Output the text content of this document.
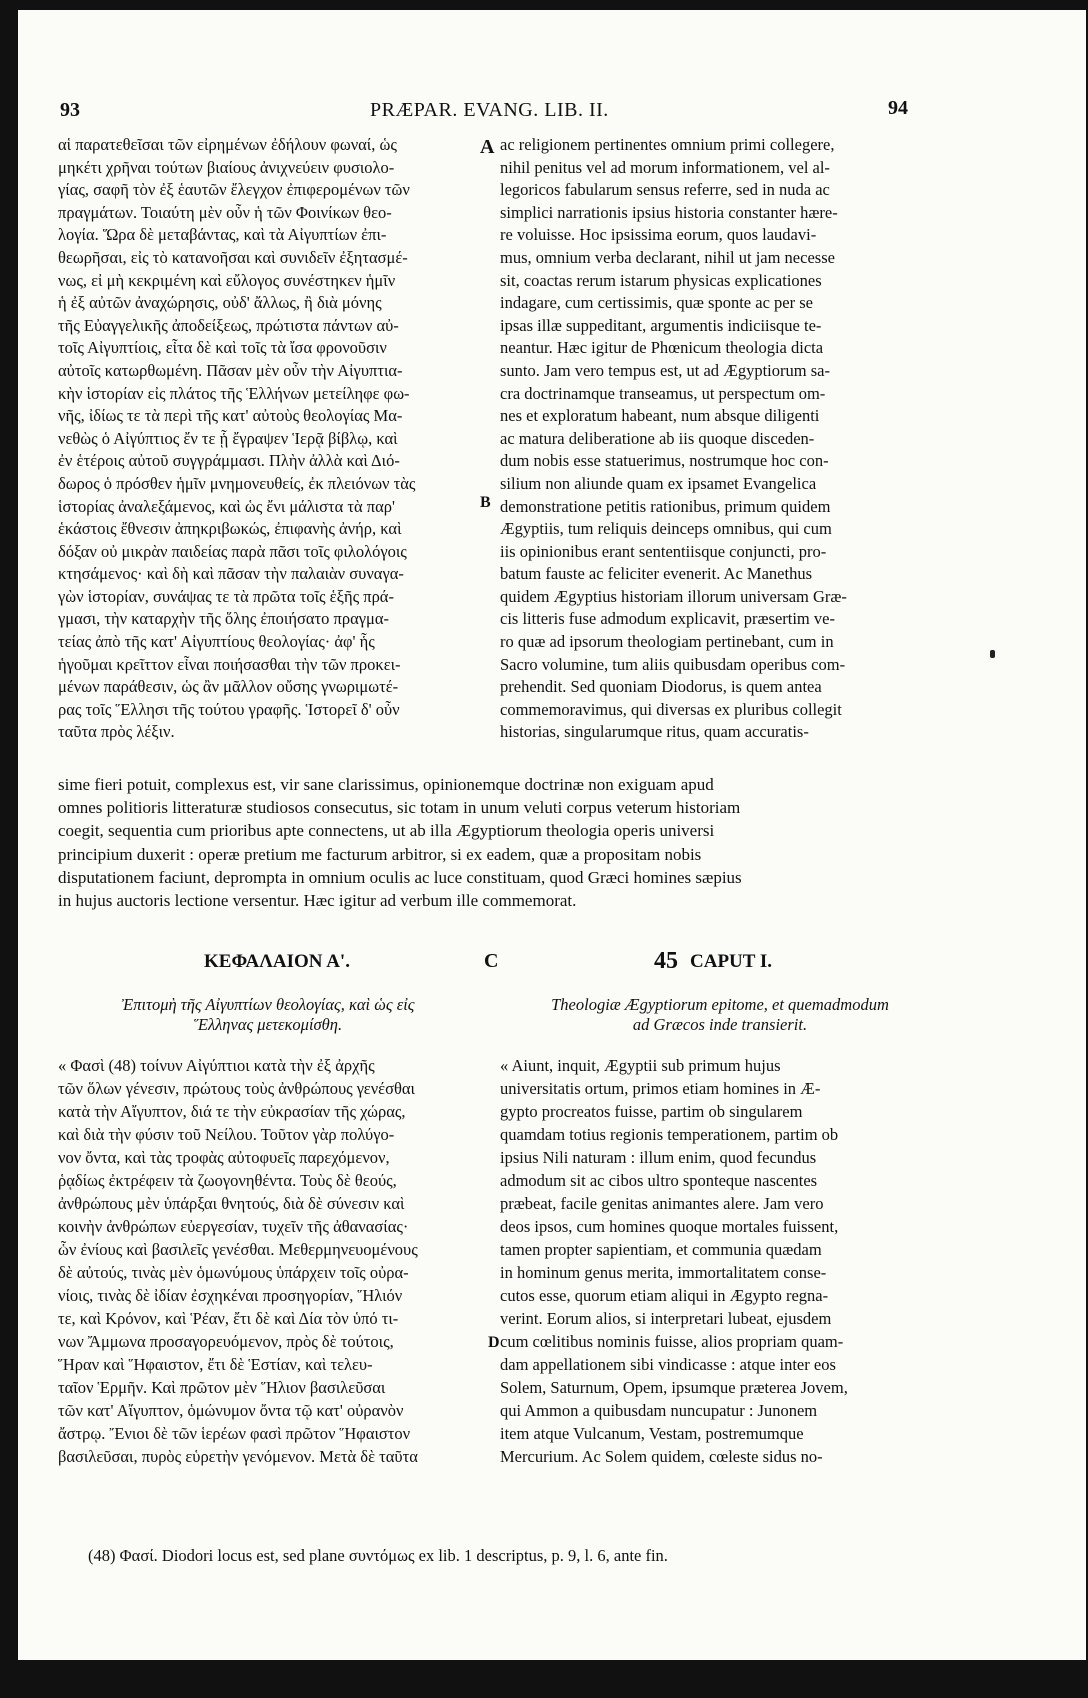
93	PRÆPAR. EVANG. LIB. II.	94
A
B
C
D
αἱ παρατεθεῖσαι τῶν εἰρημένων ἐδήλουν φωναί, ὡς
μηκέτι χρῆναι τούτων βιαίους ἀνιχνεύειν φυσιολο-
γίας, σαφῆ τὸν ἐξ ἑαυτῶν ἔλεγχον ἐπιφερομένων τῶν
πραγμάτων. Τοιαύτη μὲν οὖν ἡ τῶν Φοινίκων θεο-
λογία. Ὥρα δὲ μεταβάντας, καὶ τὰ Αἰγυπτίων ἐπι-
θεωρῆσαι, εἰς τὸ κατανοῆσαι καὶ συνιδεῖν ἐξητασμέ-
νως, εἰ μὴ κεκριμένη καὶ εὔλογος συνέστηκεν ἡμῖν
ἡ ἐξ αὐτῶν ἀναχώρησις, οὐδ' ἄλλως, ἢ διὰ μόνης
τῆς Εὐαγγελικῆς ἀποδείξεως, πρώτιστα πάντων αὐ-
τοῖς Αἰγυπτίοις, εἶτα δὲ καὶ τοῖς τὰ ἴσα φρονοῦσιν
αὐτοῖς κατωρθωμένη. Πᾶσαν μὲν οὖν τὴν Αἰγυπτια-
κὴν ἱστορίαν εἰς πλάτος τῆς Ἑλλήνων μετείληφε φω-
νῆς, ἰδίως τε τὰ περὶ τῆς κατ' αὐτοὺς θεολογίας Μα-
νεθὼς ὁ Αἰγύπτιος ἔν τε ᾗ ἔγραψεν Ἱερᾷ βίβλῳ, καὶ
ἐν ἑτέροις αὐτοῦ συγγράμμασι. Πλὴν ἀλλὰ καὶ Διό-
δωρος ὁ πρόσθεν ἡμῖν μνημονευθείς, ἐκ πλειόνων τὰς
ἱστορίας ἀναλεξάμενος, καὶ ὡς ἔνι μάλιστα τὰ παρ'
ἑκάστοις ἔθνεσιν ἀπηκριβωκώς, ἐπιφανὴς ἀνήρ, καὶ
δόξαν οὐ μικρὰν παιδείας παρὰ πᾶσι τοῖς φιλολόγοις
κτησάμενος· καὶ δὴ καὶ πᾶσαν τὴν παλαιὰν συναγα-
γὼν ἱστορίαν, συνάψας τε τὰ πρῶτα τοῖς ἑξῆς πρά-
γμασι, τὴν καταρχὴν τῆς ὅλης ἐποιήσατο πραγμα-
τείας ἀπὸ τῆς κατ' Αἰγυπτίους θεολογίας· ἀφ' ἧς
ἡγοῦμαι κρεῖττον εἶναι ποιήσασθαι τὴν τῶν προκει-
μένων παράθεσιν, ὡς ἂν μᾶλλον οὔσης γνωριμωτέ-
ρας τοῖς Ἕλλησι τῆς τούτου γραφῆς. Ἱστορεῖ δ' οὖν
ταῦτα πρὸς λέξιν.
ac religionem pertinentes omnium primi collegere,
nihil penitus vel ad morum informationem, vel al-
legoricos fabularum sensus referre, sed in nuda ac
simplici narrationis ipsius historia constanter hære-
re voluisse. Hoc ipsissima eorum, quos laudavi-
mus, omnium verba declarant, nihil ut jam necesse
sit, coactas rerum istarum physicas explicationes
indagare, cum certissimis, quæ sponte ac per se
ipsas illæ suppeditant, argumentis indiciisque te-
neantur. Hæc igitur de Phœnicum theologia dicta
sunto. Jam vero tempus est, ut ad Ægyptiorum sa-
cra doctrinamque transeamus, ut perspectum om-
nes et exploratum habeant, num absque diligenti
ac matura deliberatione ab iis quoque disceden-
dum nobis esse statuerimus, nostrumque hoc con-
silium non aliunde quam ex ipsamet Evangelica
demonstratione petitis rationibus, primum quidem
Ægyptiis, tum reliquis deinceps omnibus, qui cum
iis opinionibus erant sententiisque conjuncti, pro-
batum fauste ac feliciter evenerit. Ac Manethus
quidem Ægyptius historiam illorum universam Græ-
cis litteris fuse admodum explicavit, præsertim ve-
ro quæ ad ipsorum theologiam pertinebant, cum in
Sacro volumine, tum aliis quibusdam operibus com-
prehendit. Sed quoniam Diodorus, is quem antea
commemoravimus, qui diversas ex pluribus collegit
historias, singularumque ritus, quam accuratis-
sime fieri potuit, complexus est, vir sane clarissimus, opinionemque doctrinæ non exiguam apud
omnes politioris litteraturæ studiosos consecutus, sic totam in unum veluti corpus veterum historiam
coegit, sequentia cum prioribus apte connectens, ut ab illa Ægyptiorum theologia operis universi
principium duxerit : operæ pretium me facturum arbitror, si ex eadem, quæ a propositam nobis
disputationem faciunt, deprompta in omnium oculis ac luce constituam, quod Græci homines sæpius
in hujus auctoris lectione versentur. Hæc igitur ad verbum ille commemorat.
ΚΕΦΑΛΑΙΟΝ Α'.	45 CAPUT I.
Ἐπιτομὴ τῆς Αἰγυπτίων θεολογίας, καὶ ὡς εἰς
Ἕλληνας μετεκομίσθη.
Theologiæ Ægyptiorum epitome, et quemadmodum
ad Græcos inde transierit.
« Φασὶ (48) τοίνυν Αἰγύπτιοι κατὰ τὴν ἐξ ἀρχῆς
τῶν ὅλων γένεσιν, πρώτους τοὺς ἀνθρώπους γενέσθαι
κατὰ τὴν Αἴγυπτον, διά τε τὴν εὐκρασίαν τῆς χώρας,
καὶ διὰ τὴν φύσιν τοῦ Νείλου. Τοῦτον γὰρ πολύγο-
νον ὄντα, καὶ τὰς τροφὰς αὐτοφυεῖς παρεχόμενον,
ῥᾳδίως ἐκτρέφειν τὰ ζωογονηθέντα. Τοὺς δὲ θεούς,
ἀνθρώπους μὲν ὑπάρξαι θνητούς, διὰ δὲ σύνεσιν καὶ
κοινὴν ἀνθρώπων εὐεργεσίαν, τυχεῖν τῆς ἀθανασίας·
ὧν ἐνίους καὶ βασιλεῖς γενέσθαι. Μεθερμηνευομένους
δὲ αὐτούς, τινὰς μὲν ὁμωνύμους ὑπάρχειν τοῖς οὐρα-
νίοις, τινὰς δὲ ἰδίαν ἐσχηκέναι προσηγορίαν, Ἥλιόν
τε, καὶ Κρόνον, καὶ Ῥέαν, ἔτι δὲ καὶ Δία τὸν ὑπό τι-
νων Ἄμμωνα προσαγορευόμενον, πρὸς δὲ τούτοις,
Ἥραν καὶ Ἥφαιστον, ἔτι δὲ Ἑστίαν, καὶ τελευ-
ταῖον Ἑρμῆν. Καὶ πρῶτον μὲν Ἥλιον βασιλεῦσαι
τῶν κατ' Αἴγυπτον, ὁμώνυμον ὄντα τῷ κατ' οὐρανὸν
ἄστρῳ. Ἔνιοι δὲ τῶν ἱερέων φασὶ πρῶτον Ἥφαιστον
βασιλεῦσαι, πυρὸς εὑρετὴν γενόμενον. Μετὰ δὲ ταῦτα
« Aiunt, inquit, Ægyptii sub primum hujus
universitatis ortum, primos etiam homines in Æ-
gypto procreatos fuisse, partim ob singularem
quamdam totius regionis temperationem, partim ob
ipsius Nili naturam : illum enim, quod fecundus
admodum sit ac cibos ultro sponteque nascentes
præbeat, facile genitas animantes alere. Jam vero
deos ipsos, cum homines quoque mortales fuissent,
tamen propter sapientiam, et communia quædam
in hominum genus merita, immortalitatem conse-
cutos esse, quorum etiam aliqui in Ægypto regna-
verint. Eorum alios, si interpretari lubeat, ejusdem
cum cœlitibus nominis fuisse, alios propriam quam-
dam appellationem sibi vindicasse : atque inter eos
Solem, Saturnum, Opem, ipsumque præterea Jovem,
qui Ammon a quibusdam nuncupatur : Junonem
item atque Vulcanum, Vestam, postremumque
Mercurium. Ac Solem quidem, cœleste sidus no-
(48) Φασί. Diodori locus est, sed plane συντόμως ex lib. 1 descriptus, p. 9, l. 6, ante fin.
